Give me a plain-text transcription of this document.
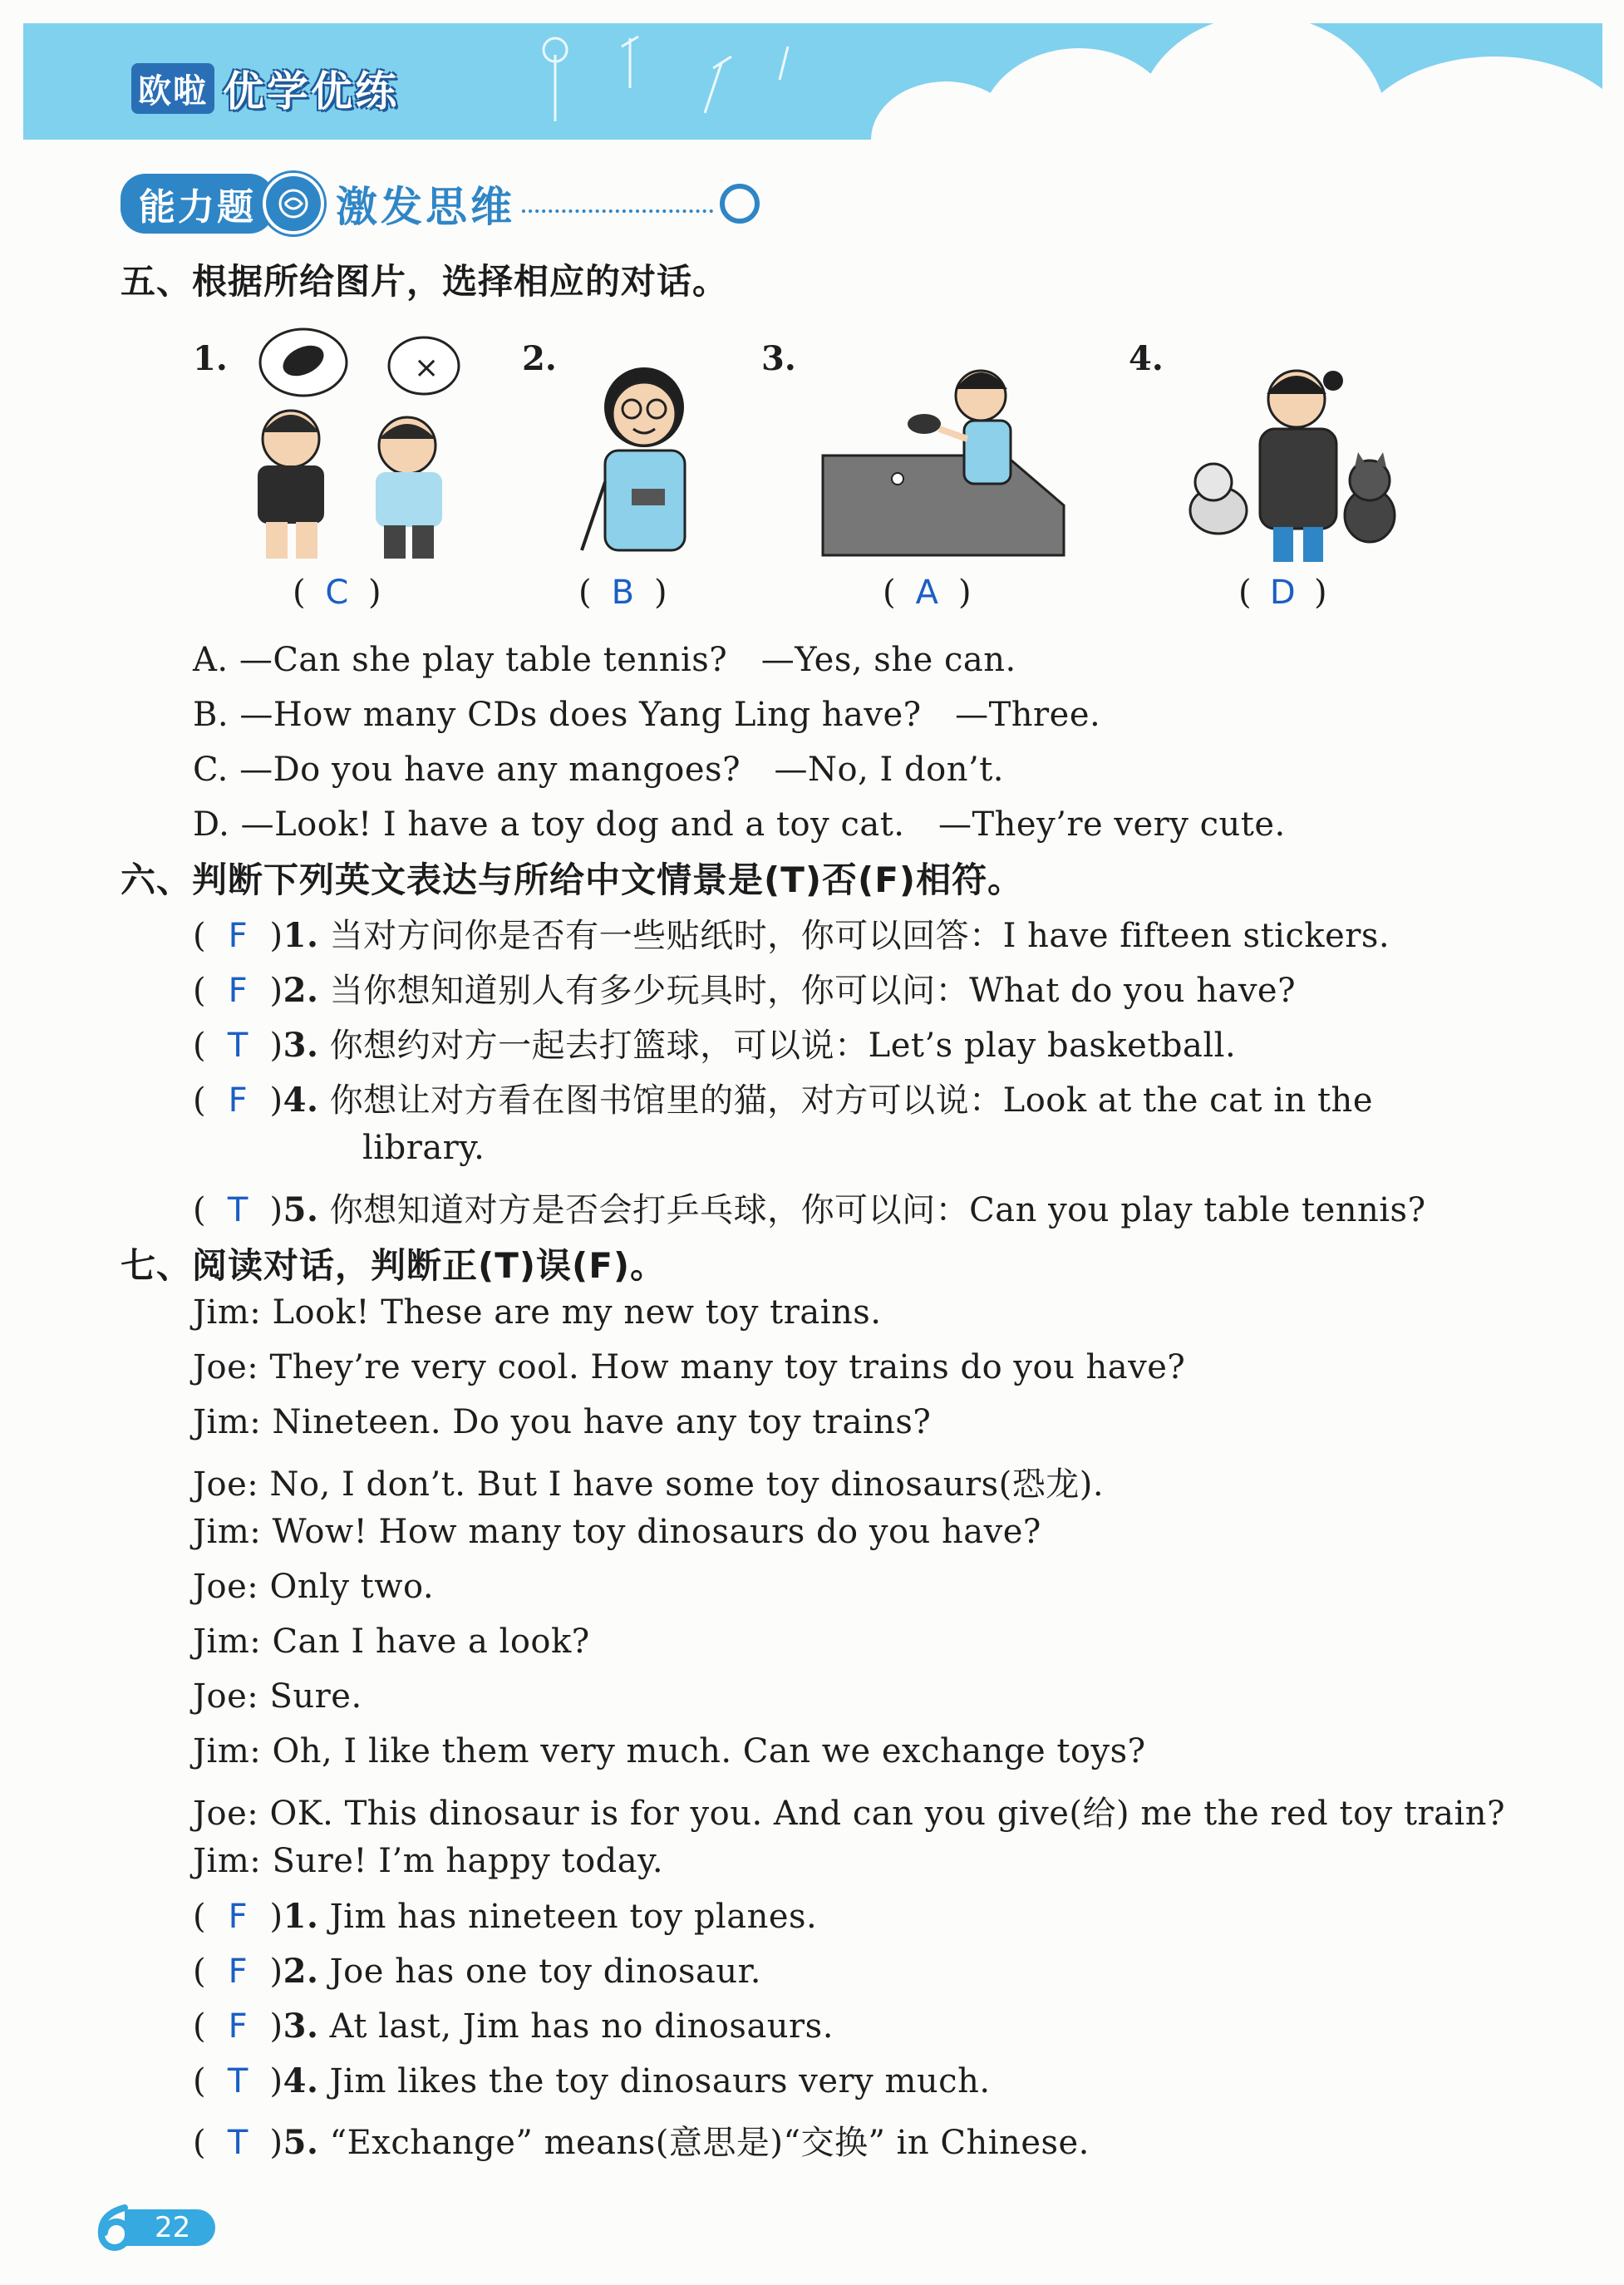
欧啦 优学优练
能力题	激发思维
五、根据所给图片，选择相应的对话。
1.	2.	3.	4.
×
( C )	( B )	( A )	( D )
A. —Can she play table tennis?　—Yes, she can.
B. —How many CDs does Yang Ling have?　—Three.
C. —Do you have any mangoes?　—No, I don’t.
D. —Look! I have a toy dog and a toy cat.　—They’re very cute.
六、判断下列英文表达与所给中文情景是(T)否(F)相符。
( F )1. 当对方问你是否有一些贴纸时，你可以回答：I have fifteen stickers.
( F )2. 当你想知道别人有多少玩具时，你可以问：What do you have?
( T )3. 你想约对方一起去打篮球，可以说：Let’s play basketball.
( F )4. 你想让对方看在图书馆里的猫，对方可以说：Look at the cat in the
library.
( T )5. 你想知道对方是否会打乒乓球，你可以问：Can you play table tennis?
七、阅读对话，判断正(T)误(F)。
Jim: Look! These are my new toy trains.
Joe: They’re very cool. How many toy trains do you have?
Jim: Nineteen. Do you have any toy trains?
Joe: No, I don’t. But I have some toy dinosaurs(恐龙).
Jim: Wow! How many toy dinosaurs do you have?
Joe: Only two.
Jim: Can I have a look?
Joe: Sure.
Jim: Oh, I like them very much. Can we exchange toys?
Joe: OK. This dinosaur is for you. And can you give(给) me the red toy train?
Jim: Sure! I’m happy today.
( F )1. Jim has nineteen toy planes.
( F )2. Joe has one toy dinosaur.
( F )3. At last, Jim has no dinosaurs.
( T )4. Jim likes the toy dinosaurs very much.
( T )5. “Exchange” means(意思是)“交换” in Chinese.
22
